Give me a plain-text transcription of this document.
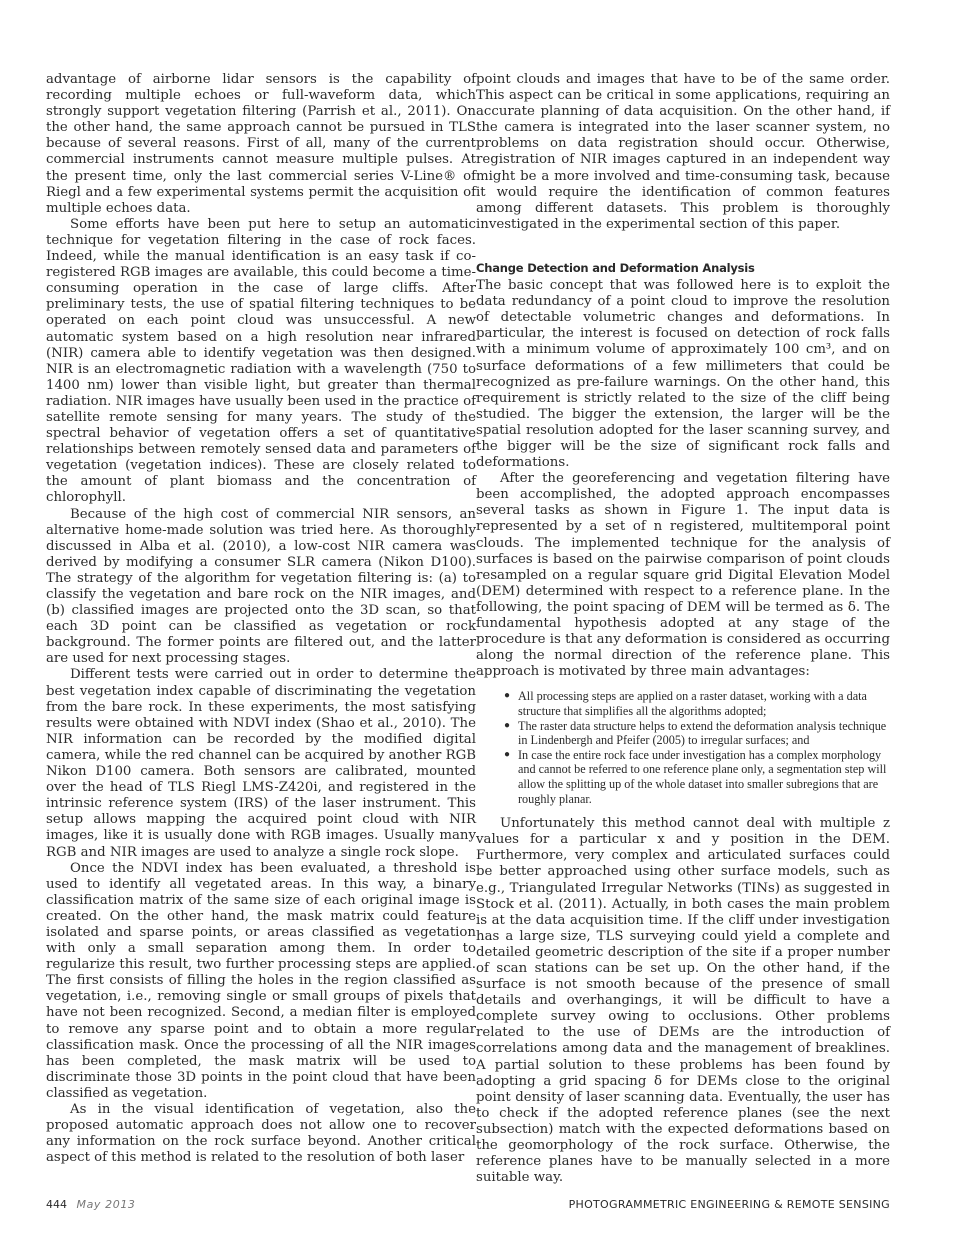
advantage of airborne lidar sensors is the capability of recording multiple echoes or full-waveform data, which strongly support vegetation filtering (Parrish et al., 2011). On the other hand, the same approach cannot be pursued in TLS because of several reasons. First of all, many of the current commercial instruments cannot measure multiple pulses. At the present time, only the last commercial series V-Line® of Riegl and a few experimental systems permit the acquisition of multiple echoes data.

Some efforts have been put here to setup an automatic technique for vegetation filtering in the case of rock faces. Indeed, while the manual identification is an easy task if co-registered RGB images are available, this could become a time-consuming operation in the case of large cliffs. After preliminary tests, the use of spatial filtering techniques to be operated on each point cloud was unsuccessful. A new automatic system based on a high resolution near infrared (NIR) camera able to identify vegetation was then designed. NIR is an electromagnetic radiation with a wavelength (750 to 1400 nm) lower than visible light, but greater than thermal radiation. NIR images have usually been used in the practice of satellite remote sensing for many years. The study of the spectral behavior of vegetation offers a set of quantitative relationships between remotely sensed data and parameters of vegetation (vegetation indices). These are closely related to the amount of plant biomass and the concentration of chlorophyll.

Because of the high cost of commercial NIR sensors, an alternative home-made solution was tried here. As thoroughly discussed in Alba et al. (2010), a low-cost NIR camera was derived by modifying a consumer SLR camera (Nikon D100). The strategy of the algorithm for vegetation filtering is: (a) to classify the vegetation and bare rock on the NIR images, and (b) classified images are projected onto the 3D scan, so that each 3D point can be classified as vegetation or rock background. The former points are filtered out, and the latter are used for next processing stages.

Different tests were carried out in order to determine the best vegetation index capable of discriminating the vegetation from the bare rock. In these experiments, the most satisfying results were obtained with NDVI index (Shao et al., 2010). The NIR information can be recorded by the modified digital camera, while the red channel can be acquired by another RGB Nikon D100 camera. Both sensors are calibrated, mounted over the head of TLS Riegl LMS-Z420i, and registered in the intrinsic reference system (IRS) of the laser instrument. This setup allows mapping the acquired point cloud with NIR images, like it is usually done with RGB images. Usually many RGB and NIR images are used to analyze a single rock slope.

Once the NDVI index has been evaluated, a threshold is used to identify all vegetated areas. In this way, a binary classification matrix of the same size of each original image is created. On the other hand, the mask matrix could feature isolated and sparse points, or areas classified as vegetation with only a small separation among them. In order to regularize this result, two further processing steps are applied. The first consists of filling the holes in the region classified as vegetation, i.e., removing single or small groups of pixels that have not been recognized. Second, a median filter is employed to remove any sparse point and to obtain a more regular classification mask. Once the processing of all the NIR images has been completed, the mask matrix will be used to discriminate those 3D points in the point cloud that have been classified as vegetation.

As in the visual identification of vegetation, also the proposed automatic approach does not allow one to recover any information on the rock surface beyond. Another critical aspect of this method is related to the resolution of both laser

point clouds and images that have to be of the same order. This aspect can be critical in some applications, requiring an accurate planning of data acquisition. On the other hand, if the camera is integrated into the laser scanner system, no problems on data registration should occur. Otherwise, registration of NIR images captured in an independent way might be a more involved and time-consuming task, because it would require the identification of common features among different datasets. This problem is thoroughly investigated in the experimental section of this paper.

Change Detection and Deformation Analysis

The basic concept that was followed here is to exploit the data redundancy of a point cloud to improve the resolution of detectable volumetric changes and deformations. In particular, the interest is focused on detection of rock falls with a minimum volume of approximately 100 cm³, and on surface deformations of a few millimeters that could be recognized as pre-failure warnings. On the other hand, this requirement is strictly related to the size of the cliff being studied. The bigger the extension, the larger will be the spatial resolution adopted for the laser scanning survey, and the bigger will be the size of significant rock falls and deformations.

After the georeferencing and vegetation filtering have been accomplished, the adopted approach encompasses several tasks as shown in Figure 1. The input data is represented by a set of n registered, multitemporal point clouds. The implemented technique for the analysis of surfaces is based on the pairwise comparison of point clouds resampled on a regular square grid Digital Elevation Model (DEM) determined with respect to a reference plane. In the following, the point spacing of DEM will be termed as δ. The fundamental hypothesis adopted at any stage of the procedure is that any deformation is considered as occurring along the normal direction of the reference plane. This approach is motivated by three main advantages:

● All processing steps are applied on a raster dataset, working with a data structure that simplifies all the algorithms adopted;
● The raster data structure helps to extend the deformation analysis technique in Lindenbergh and Pfeifer (2005) to irregular surfaces; and
● In case the entire rock face under investigation has a complex morphology and cannot be referred to one reference plane only, a segmentation step will allow the splitting up of the whole dataset into smaller subregions that are roughly planar.

Unfortunately this method cannot deal with multiple z values for a particular x and y position in the DEM. Furthermore, very complex and articulated surfaces could be better approached using other surface models, such as e.g., Triangulated Irregular Networks (TINs) as suggested in Stock et al. (2011). Actually, in both cases the main problem is at the data acquisition time. If the cliff under investigation has a large size, TLS surveying could yield a complete and detailed geometric description of the site if a proper number of scan stations can be set up. On the other hand, if the surface is not smooth because of the presence of small details and overhangings, it will be difficult to have a complete survey owing to occlusions. Other problems related to the use of DEMs are the introduction of correlations among data and the management of breaklines. A partial solution to these problems has been found by adopting a grid spacing δ for DEMs close to the original point density of laser scanning data. Eventually, the user has to check if the adopted reference planes (see the next subsection) match with the expected deformations based on the geomorphology of the rock surface. Otherwise, the reference planes have to be manually selected in a more suitable way.

444 May 2013	PHOTOGRAMMETRIC ENGINEERING & REMOTE SENSING
